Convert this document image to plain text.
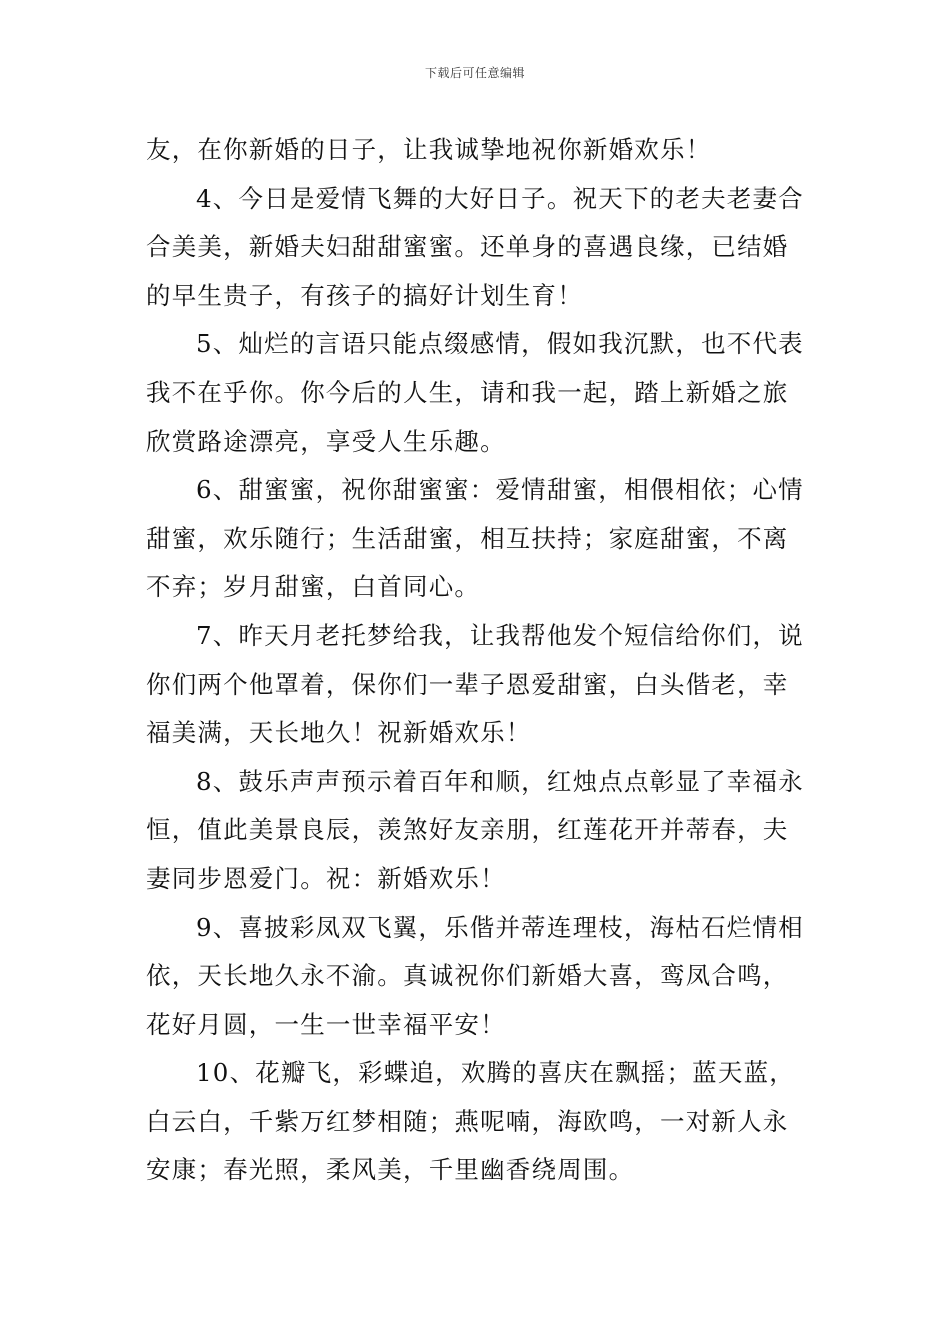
下载后可任意编辑
友，在你新婚的日子，让我诚挚地祝你新婚欢乐！
4、今日是爱情飞舞的大好日子。祝天下的老夫老妻合
合美美，新婚夫妇甜甜蜜蜜。还单身的喜遇良缘，已结婚
的早生贵子，有孩子的搞好计划生育！
5、灿烂的言语只能点缀感情，假如我沉默，也不代表
我不在乎你。你今后的人生，请和我一起，踏上新婚之旅
欣赏路途漂亮，享受人生乐趣。
6、甜蜜蜜，祝你甜蜜蜜：爱情甜蜜，相偎相依；心情
甜蜜，欢乐随行；生活甜蜜，相互扶持；家庭甜蜜，不离
不弃；岁月甜蜜，白首同心。
7、昨天月老托梦给我，让我帮他发个短信给你们，说
你们两个他罩着，保你们一辈子恩爱甜蜜，白头偕老，幸
福美满，天长地久！祝新婚欢乐！
8、鼓乐声声预示着百年和顺，红烛点点彰显了幸福永
恒，值此美景良辰，羡煞好友亲朋，红莲花开并蒂春，夫
妻同步恩爱门。祝：新婚欢乐！
9、喜披彩凤双飞翼，乐偕并蒂连理枝，海枯石烂情相
依，天长地久永不渝。真诚祝你们新婚大喜，鸾凤合鸣，
花好月圆，一生一世幸福平安！
10、花瓣飞，彩蝶追，欢腾的喜庆在飘摇；蓝天蓝，
白云白，千紫万红梦相随；燕呢喃，海欧鸣，一对新人永
安康；春光照，柔风美，千里幽香绕周围。
